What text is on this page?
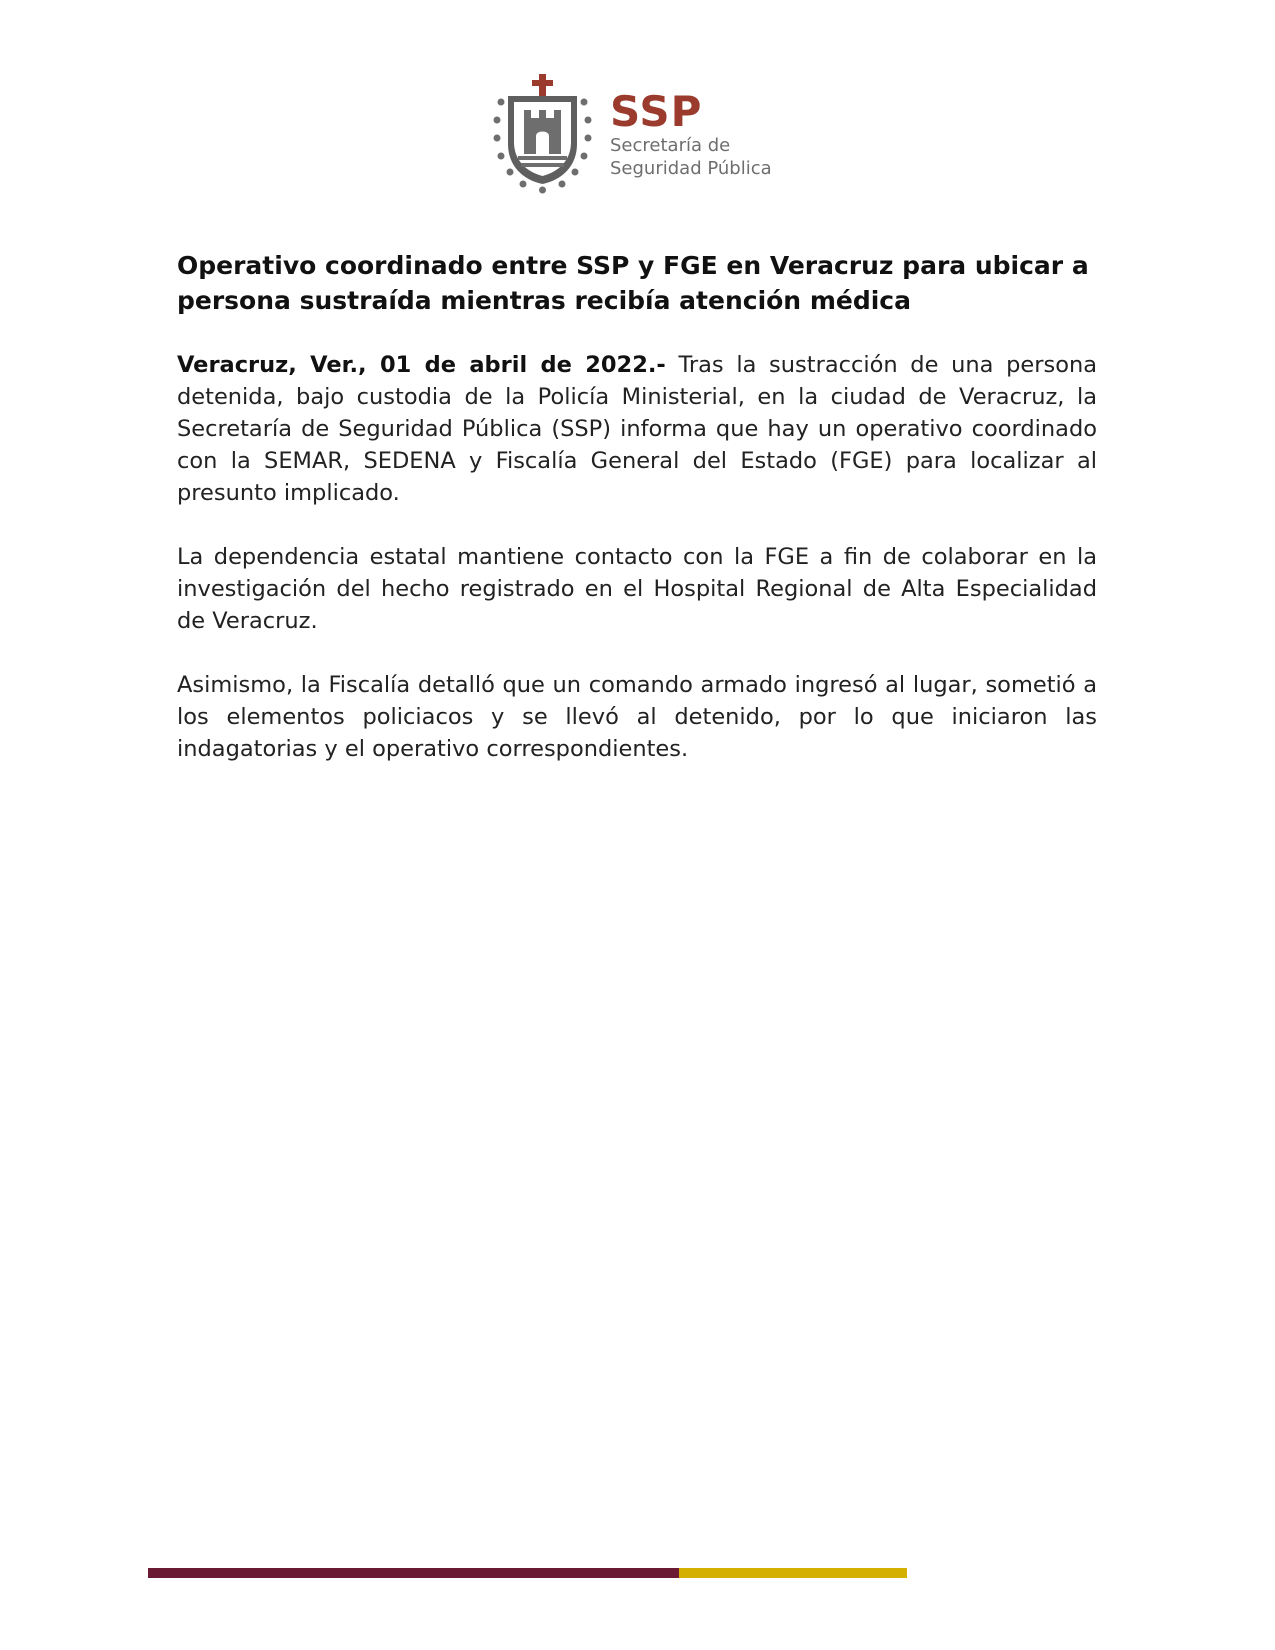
SSP
Secretaría de
Seguridad Pública
Operativo coordinado entre SSP y FGE en Veracruz para ubicar a persona sustraída mientras recibía atención médica

Veracruz, Ver., 01 de abril de 2022.- Tras la sustracción de una persona detenida, bajo custodia de la Policía Ministerial, en la ciudad de Veracruz, la Secretaría de Seguridad Pública (SSP) informa que hay un operativo coordinado con la SEMAR, SEDENA y Fiscalía General del Estado (FGE) para localizar al presunto implicado.

La dependencia estatal mantiene contacto con la FGE a fin de colaborar en la investigación del hecho registrado en el Hospital Regional de Alta Especialidad de Veracruz.

Asimismo, la Fiscalía detalló que un comando armado ingresó al lugar, sometió a los elementos policiacos y se llevó al detenido, por lo que iniciaron las indagatorias y el operativo correspondientes.
